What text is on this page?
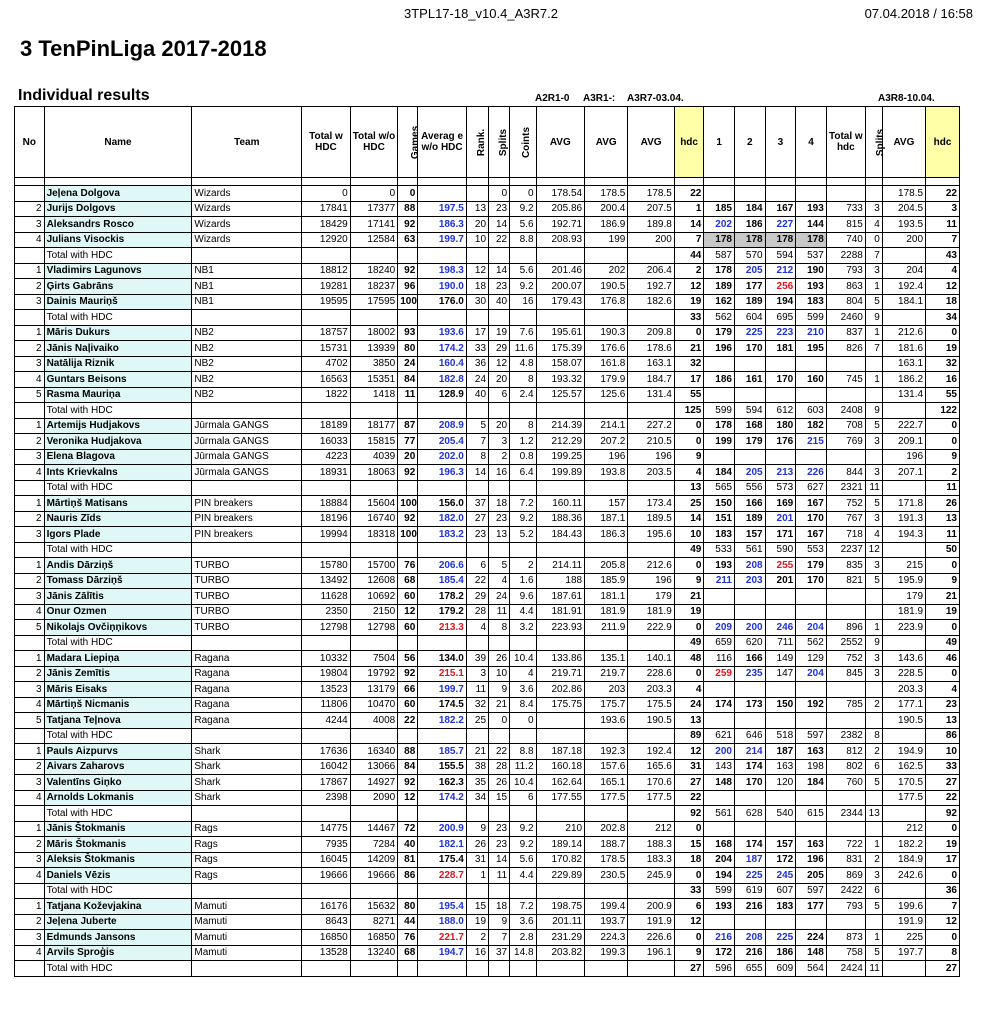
3TPL17-18_v10.4_A3R7.2	07.04.2018 / 16:58
3 TenPinLiga 2017-2018
Individual results	A2R1-0	A3R1-:	A3R7-03.04.	A3R8-10.04.
No	Name	Team	Total w HDC	Total w/o HDC	Games	Averag e w/o HDC	Rank.	Splits	Coints	AVG	AVG	AVG	hdc	1	2	3	4	Total w hdc	Splits	AVG	hdc

	Jeļena Dolgova	Wizards	0	0	0			0	0	178.54	178.5	178.5	22							178.5	22
2	Jurijs Dolgovs	Wizards	17841	17377	88	197.5	13	23	9.2	205.86	200.4	207.5	1	185	184	167	193	733	3	204.5	3
3	Aleksandrs Rosco	Wizards	18429	17141	92	186.3	20	14	5.6	192.71	186.9	189.8	14	202	186	227	144	815	4	193.5	11
4	Julians Visockis	Wizards	12920	12584	63	199.7	10	22	8.8	208.93	199	200	7	178	178	178	178	740	0	200	7
	Total with HDC												44	587	570	594	537	2288	7		43
1	Vladimirs Lagunovs	NB1	18812	18240	92	198.3	12	14	5.6	201.46	202	206.4	2	178	205	212	190	793	3	204	4
2	Ģirts Gabrāns	NB1	19281	18237	96	190.0	18	23	9.2	200.07	190.5	192.7	12	189	177	256	193	863	1	192.4	12
3	Dainis Mauriņš	NB1	19595	17595	100	176.0	30	40	16	179.43	176.8	182.6	19	162	189	194	183	804	5	184.1	18
	Total with HDC												33	562	604	695	599	2460	9		34
1	Māris Dukurs	NB2	18757	18002	93	193.6	17	19	7.6	195.61	190.3	209.8	0	179	225	223	210	837	1	212.6	0
2	Jānis Naļivaiko	NB2	15731	13939	80	174.2	33	29	11.6	175.39	176.6	178.6	21	196	170	181	195	826	7	181.6	19
3	Natālija Riznik	NB2	4702	3850	24	160.4	36	12	4.8	158.07	161.8	163.1	32							163.1	32
4	Guntars Beisons	NB2	16563	15351	84	182.8	24	20	8	193.32	179.9	184.7	17	186	161	170	160	745	1	186.2	16
5	Rasma Mauriņa	NB2	1822	1418	11	128.9	40	6	2.4	125.57	125.6	131.4	55							131.4	55
	Total with HDC												125	599	594	612	603	2408	9		122
1	Artemijs Hudjakovs	Jūrmala GANGS	18189	18177	87	208.9	5	20	8	214.39	214.1	227.2	0	178	168	180	182	708	5	222.7	0
2	Veronika Hudjakova	Jūrmala GANGS	16033	15815	77	205.4	7	3	1.2	212.29	207.2	210.5	0	199	179	176	215	769	3	209.1	0
3	Elena Blagova	Jūrmala GANGS	4223	4039	20	202.0	8	2	0.8	199.25	196	196	9							196	9
4	Ints Krievkalns	Jūrmala GANGS	18931	18063	92	196.3	14	16	6.4	199.89	193.8	203.5	4	184	205	213	226	844	3	207.1	2
	Total with HDC												13	565	556	573	627	2321	11		11
1	Mārtiņš Matisans	PIN breakers	18884	15604	100	156.0	37	18	7.2	160.11	157	173.4	25	150	166	169	167	752	5	171.8	26
2	Nauris Zīds	PIN breakers	18196	16740	92	182.0	27	23	9.2	188.36	187.1	189.5	14	151	189	201	170	767	3	191.3	13
3	Igors Plade	PIN breakers	19994	18318	100	183.2	23	13	5.2	184.43	186.3	195.6	10	183	157	171	167	718	4	194.3	11
	Total with HDC												49	533	561	590	553	2237	12		50
1	Andis Dārziņš	TURBO	15780	15700	76	206.6	6	5	2	214.11	205.8	212.6	0	193	208	255	179	835	3	215	0
2	Tomass Dārziņš	TURBO	13492	12608	68	185.4	22	4	1.6	188	185.9	196	9	211	203	201	170	821	5	195.9	9
3	Jānis Zālītis	TURBO	11628	10692	60	178.2	29	24	9.6	187.61	181.1	179	21							179	21
4	Onur Ozmen	TURBO	2350	2150	12	179.2	28	11	4.4	181.91	181.9	181.9	19							181.9	19
5	Nikolajs Ovčiņņikovs	TURBO	12798	12798	60	213.3	4	8	3.2	223.93	211.9	222.9	0	209	200	246	204	896	1	223.9	0
	Total with HDC												49	659	620	711	562	2552	9		49
1	Madara Liepiņa	Ragana	10332	7504	56	134.0	39	26	10.4	133.86	135.1	140.1	48	116	166	149	129	752	3	143.6	46
2	Jānis Zemītis	Ragana	19804	19792	92	215.1	3	10	4	219.71	219.7	228.6	0	259	235	147	204	845	3	228.5	0
3	Māris Eisaks	Ragana	13523	13179	66	199.7	11	9	3.6	202.86	203	203.3	4							203.3	4
4	Mārtiņš Nicmanis	Ragana	11806	10470	60	174.5	32	21	8.4	175.75	175.7	175.5	24	174	173	150	192	785	2	177.1	23
5	Tatjana Teļnova	Ragana	4244	4008	22	182.2	25	0	0		193.6	190.5	13							190.5	13
	Total with HDC												89	621	646	518	597	2382	8		86
1	Pauls Aizpurvs	Shark	17636	16340	88	185.7	21	22	8.8	187.18	192.3	192.4	12	200	214	187	163	812	2	194.9	10
2	Aivars Zaharovs	Shark	16042	13066	84	155.5	38	28	11.2	160.18	157.6	165.6	31	143	174	163	198	802	6	162.5	33
3	Valentīns Giņko	Shark	17867	14927	92	162.3	35	26	10.4	162.64	165.1	170.6	27	148	170	120	184	760	5	170.5	27
4	Arnolds Lokmanis	Shark	2398	2090	12	174.2	34	15	6	177.55	177.5	177.5	22							177.5	22
	Total with HDC												92	561	628	540	615	2344	13		92
1	Jānis Štokmanis	Rags	14775	14467	72	200.9	9	23	9.2	210	202.8	212	0							212	0
2	Māris Štokmanis	Rags	7935	7284	40	182.1	26	23	9.2	189.14	188.7	188.3	15	168	174	157	163	722	1	182.2	19
3	Aleksis Štokmanis	Rags	16045	14209	81	175.4	31	14	5.6	170.82	178.5	183.3	18	204	187	172	196	831	2	184.9	17
4	Daniels Vēzis	Rags	19666	19666	86	228.7	1	11	4.4	229.89	230.5	245.9	0	194	225	245	205	869	3	242.6	0
	Total with HDC												33	599	619	607	597	2422	6		36
1	Tatjana Koževjakina	Mamuti	16176	15632	80	195.4	15	18	7.2	198.75	199.4	200.9	6	193	216	183	177	793	5	199.6	7
2	Jeļena Juberte	Mamuti	8643	8271	44	188.0	19	9	3.6	201.11	193.7	191.9	12							191.9	12
3	Edmunds Jansons	Mamuti	16850	16850	76	221.7	2	7	2.8	231.29	224.3	226.6	0	216	208	225	224	873	1	225	0
4	Arvils Sproģis	Mamuti	13528	13240	68	194.7	16	37	14.8	203.82	199.3	196.1	9	172	216	186	148	758	5	197.7	8
	Total with HDC												27	596	655	609	564	2424	11		27
